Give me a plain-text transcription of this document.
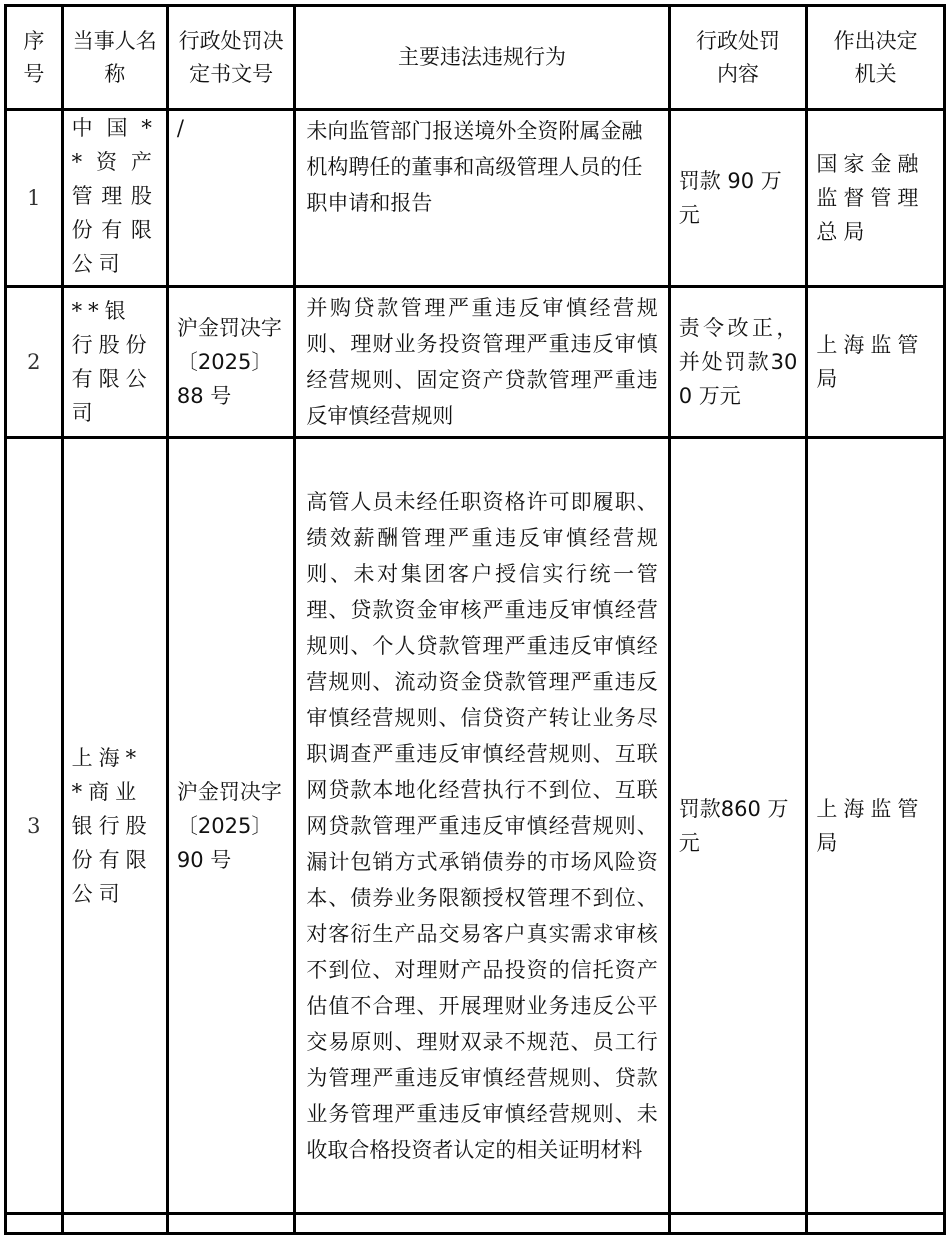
序号	当事人名称	行政处罚决定书文号	主要违法违规行为	行政处罚内容	作出决定机关
1	中国**资产管理股份有限公司	/	未向监管部门报送境外全资附属金融机构聘任的董事和高级管理人员的任职申请和报告	罚款 90 万元	国家金融监督管理总局
2	**银行股份有限公司	沪金罚决字〔2025〕88 号	并购贷款管理严重违反审慎经营规则、理财业务投资管理严重违反审慎经营规则、固定资产贷款管理严重违反审慎经营规则	责令改正，并处罚款300 万元	上海监管局
3	上海**商业银行股份有限公司	沪金罚决字〔2025〕90 号	高管人员未经任职资格许可即履职、绩效薪酬管理严重违反审慎经营规则、未对集团客户授信实行统一管理、贷款资金审核严重违反审慎经营规则、个人贷款管理严重违反审慎经营规则、流动资金贷款管理严重违反审慎经营规则、信贷资产转让业务尽职调查严重违反审慎经营规则、互联网贷款本地化经营执行不到位、互联网贷款管理严重违反审慎经营规则、漏计包销方式承销债券的市场风险资本、债券业务限额授权管理不到位、对客衍生产品交易客户真实需求审核不到位、对理财产品投资的信托资产估值不合理、开展理财业务违反公平交易原则、理财双录不规范、员工行为管理严重违反审慎经营规则、贷款业务管理严重违反审慎经营规则、未收取合格投资者认定的相关证明材料	罚款860 万元	上海监管局
